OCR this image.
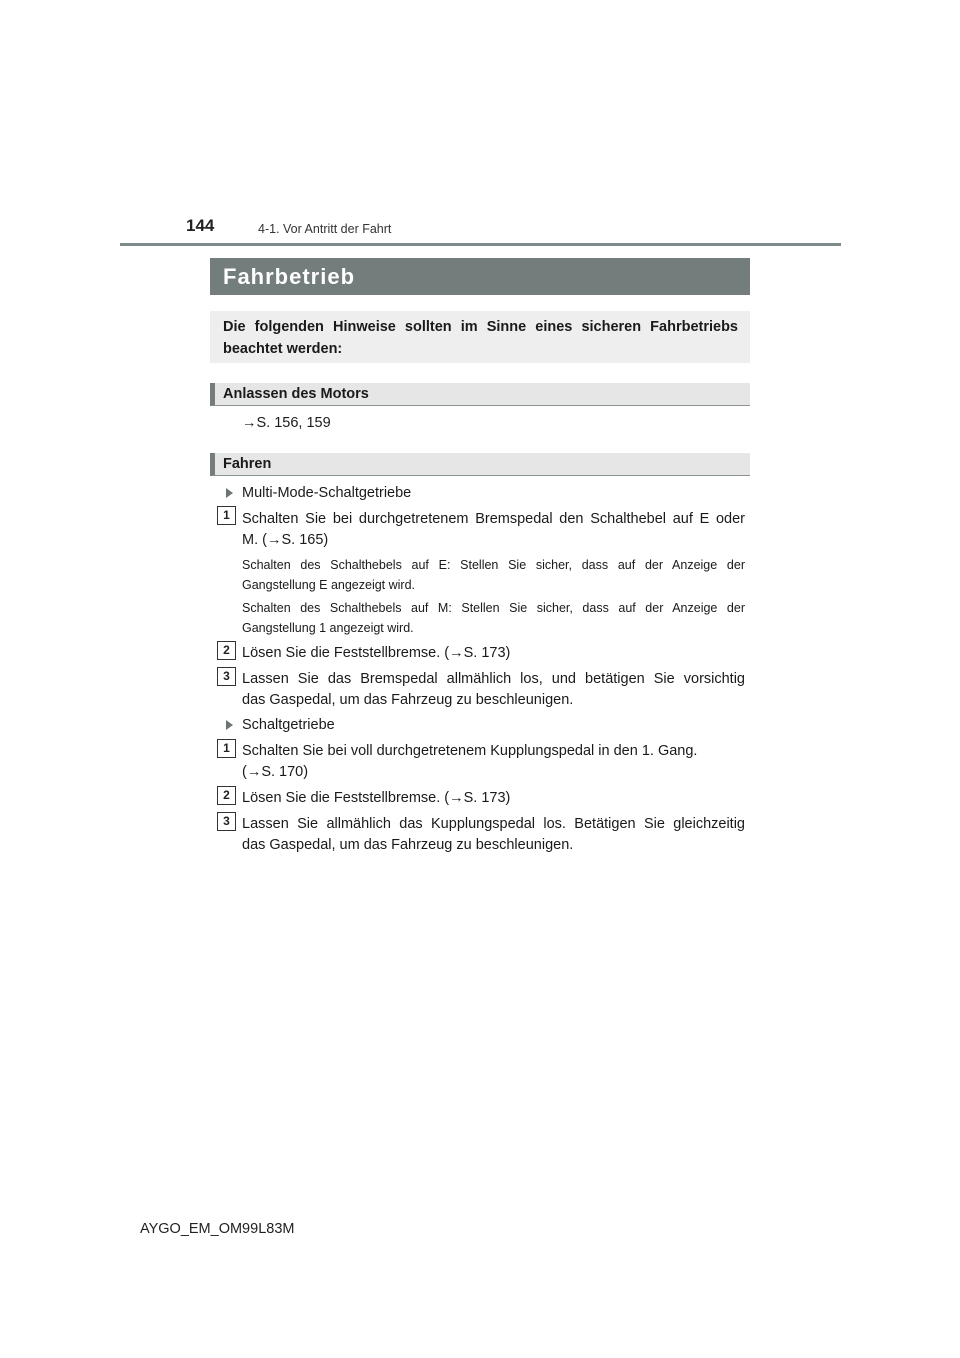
144	4-1. Vor Antritt der Fahrt
Fahrbetrieb
Die folgenden Hinweise sollten im Sinne eines sicheren Fahrbetriebs beachtet werden:
Anlassen des Motors
→S. 156, 159
Fahren
Multi-Mode-Schaltgetriebe
1 Schalten Sie bei durchgetretenem Bremspedal den Schalthebel auf E oder
M. (→S. 165)
Schalten des Schalthebels auf E: Stellen Sie sicher, dass auf der Anzeige der
Gangstellung E angezeigt wird.
Schalten des Schalthebels auf M: Stellen Sie sicher, dass auf der Anzeige der
Gangstellung 1 angezeigt wird.
2 Lösen Sie die Feststellbremse. (→S. 173)
3 Lassen Sie das Bremspedal allmählich los, und betätigen Sie vorsichtig
das Gaspedal, um das Fahrzeug zu beschleunigen.
Schaltgetriebe
1 Schalten Sie bei voll durchgetretenem Kupplungspedal in den 1. Gang.
(→S. 170)
2 Lösen Sie die Feststellbremse. (→S. 173)
3 Lassen Sie allmählich das Kupplungspedal los. Betätigen Sie gleichzeitig
das Gaspedal, um das Fahrzeug zu beschleunigen.
AYGO_EM_OM99L83M
